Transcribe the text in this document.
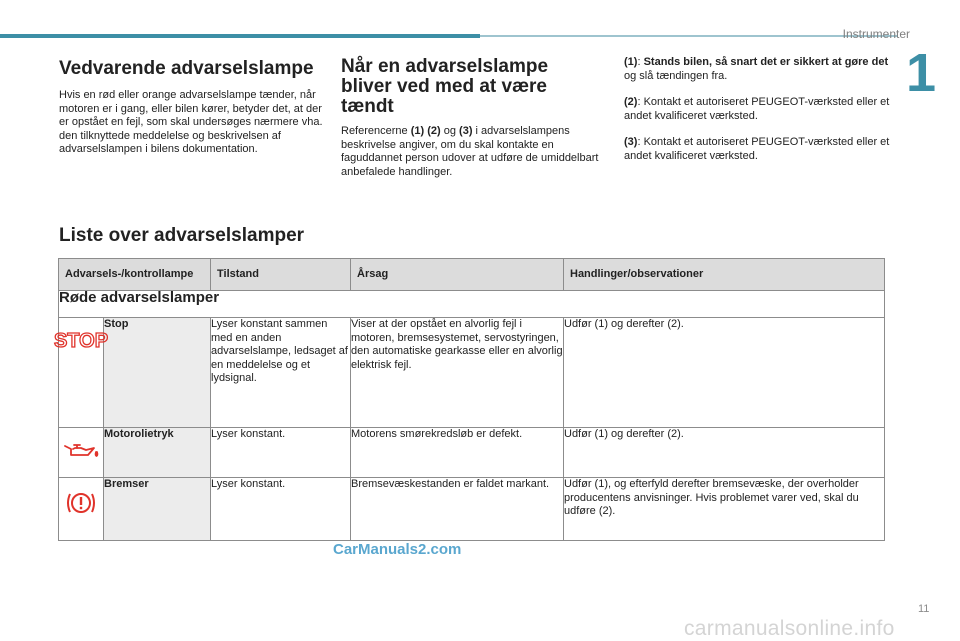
Instrumenter
1
Vedvarende advarselslampe

Hvis en rød eller orange advarselslampe tænder, når motoren er i gang, eller bilen kører, betyder det, at der er opstået en fejl, som skal undersøges nærmere vha. den tilknyttede meddelelse og beskrivelsen af advarselslampen i bilens dokumentation.

Når en advarselslampe bliver ved med at være tændt

Referencerne (1) (2) og (3) i advarselslampens beskrivelse angiver, om du skal kontakte en faguddannet person udover at udføre de umiddelbart anbefalede handlinger.

(1): Stands bilen, så snart det er sikkert at gøre det og slå tændingen fra.

(2): Kontakt et autoriseret PEUGEOT-værksted eller et andet kvalificeret værksted.

(3): Kontakt et autoriseret PEUGEOT-værksted eller et andet kvalificeret værksted.

Liste over advarselslamper
Advarsels-/kontrollampe		Tilstand	Årsag	Handlinger/observationer
Røde advarselslamper				

STOP	Stop	Lyser konstant sammen med en anden advarselslampe, ledsaget af en meddelelse og et lydsignal.	Viser at der opstået en alvorlig fejl i motoren, bremsesystemet, servostyringen, den automatiske gearkasse eller en alvorlig elektrisk fejl.	Udfør (1) og derefter (2).

	Motorolietryk	Lyser konstant.	Motorens smørekredsløb er defekt.	Udfør (1) og derefter (2).

	Bremser	Lyser konstant.	Bremsevæskestanden er faldet markant.	Udfør (1), og efterfyld derefter bremsevæske, der overholder producentens anvisninger. Hvis problemet varer ved, skal du udføre (2).
CarManuals2.com
11
carmanualsonline.info
